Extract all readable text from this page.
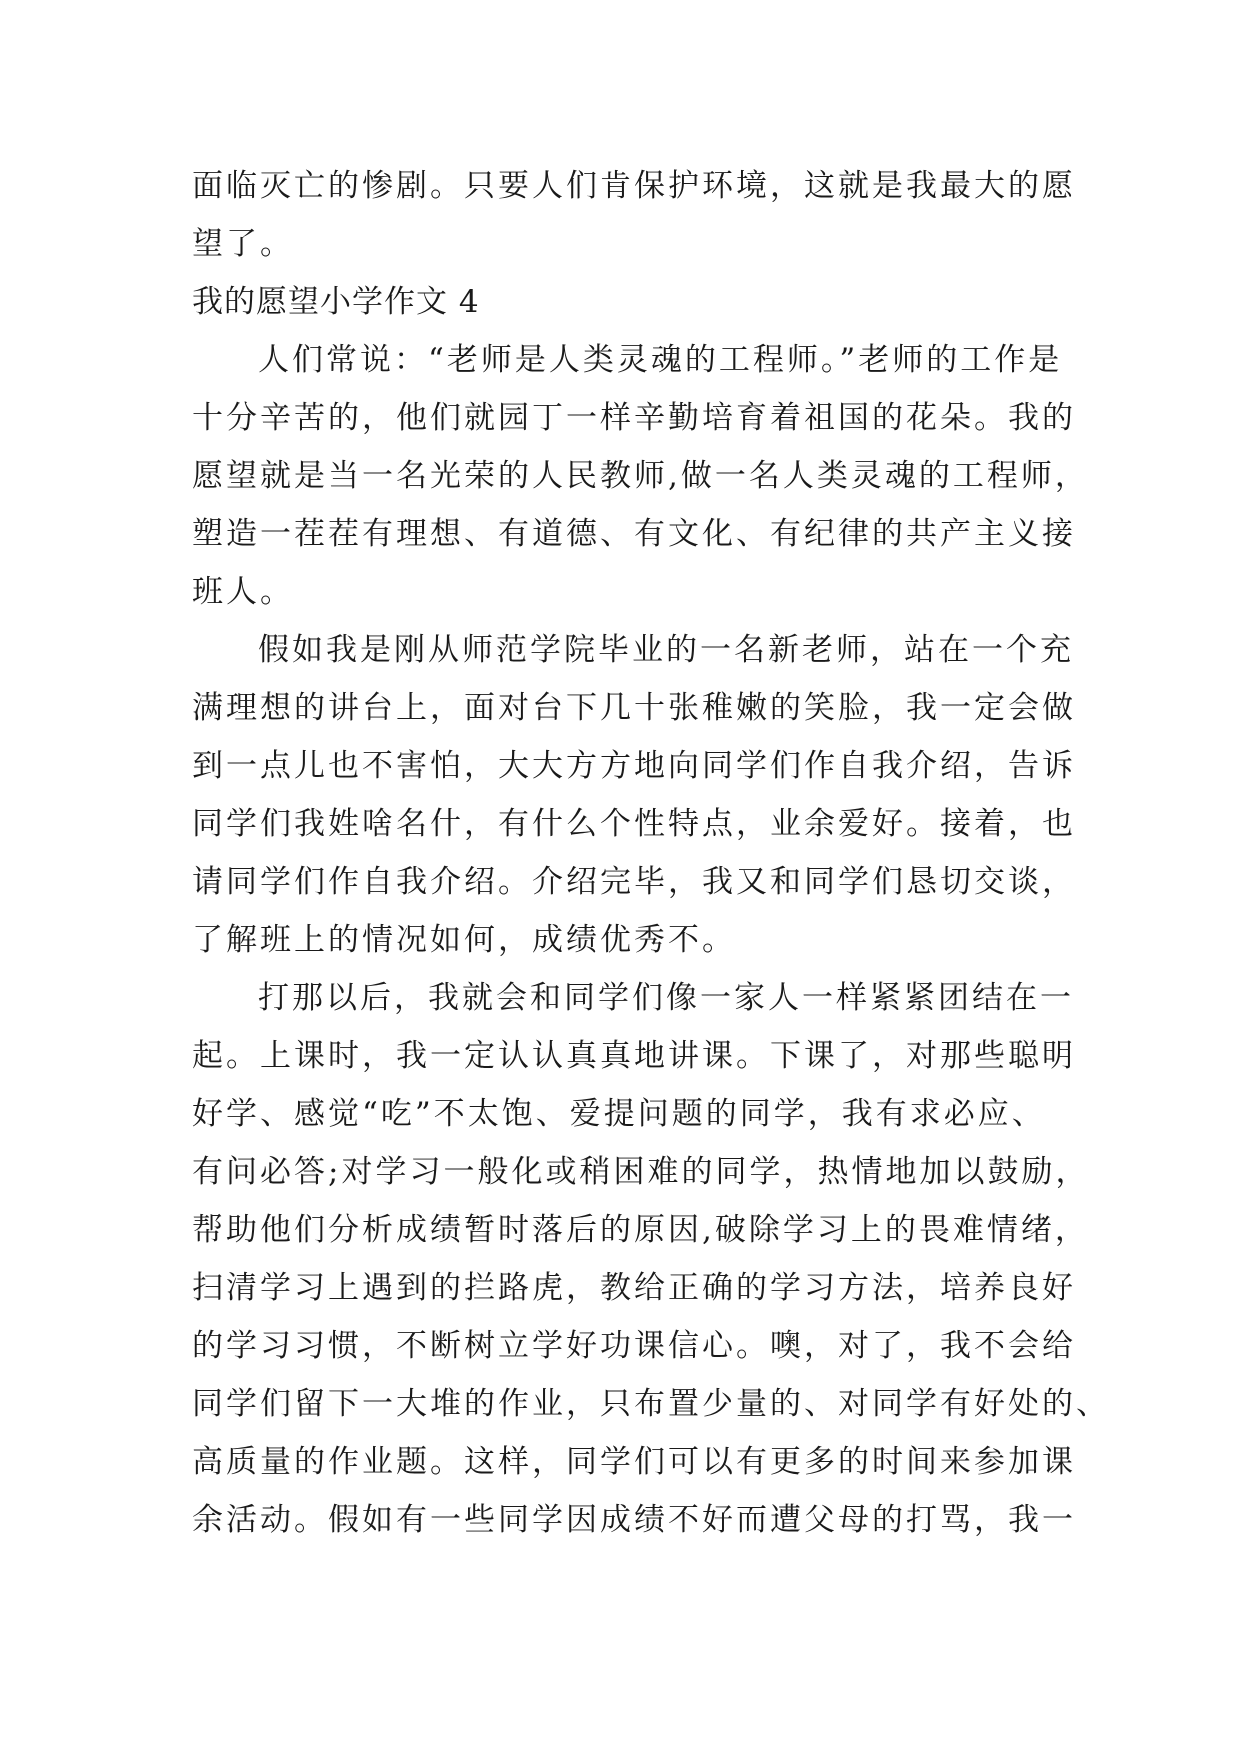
面临灭亡的惨剧。只要人们肯保护环境，这就是我最大的愿
望了。
我的愿望小学作文 4
人们常说：“老师是人类灵魂的工程师。”老师的工作是
十分辛苦的，他们就园丁一样辛勤培育着祖国的花朵。我的
愿望就是当一名光荣的人民教师,做一名人类灵魂的工程师，
塑造一茬茬有理想、有道德、有文化、有纪律的共产主义接
班人。
假如我是刚从师范学院毕业的一名新老师，站在一个充
满理想的讲台上，面对台下几十张稚嫩的笑脸，我一定会做
到一点儿也不害怕，大大方方地向同学们作自我介绍，告诉
同学们我姓啥名什，有什么个性特点，业余爱好。接着，也
请同学们作自我介绍。介绍完毕，我又和同学们恳切交谈，
了解班上的情况如何，成绩优秀不。
打那以后，我就会和同学们像一家人一样紧紧团结在一
起。上课时，我一定认认真真地讲课。下课了，对那些聪明
好学、感觉“吃”不太饱、爱提问题的同学，我有求必应、
有问必答;对学习一般化或稍困难的同学，热情地加以鼓励，
帮助他们分析成绩暂时落后的原因,破除学习上的畏难情绪，
扫清学习上遇到的拦路虎，教给正确的学习方法，培养良好
的学习习惯，不断树立学好功课信心。噢，对了，我不会给
同学们留下一大堆的作业，只布置少量的、对同学有好处的、
高质量的作业题。这样，同学们可以有更多的时间来参加课
余活动。假如有一些同学因成绩不好而遭父母的打骂，我一
